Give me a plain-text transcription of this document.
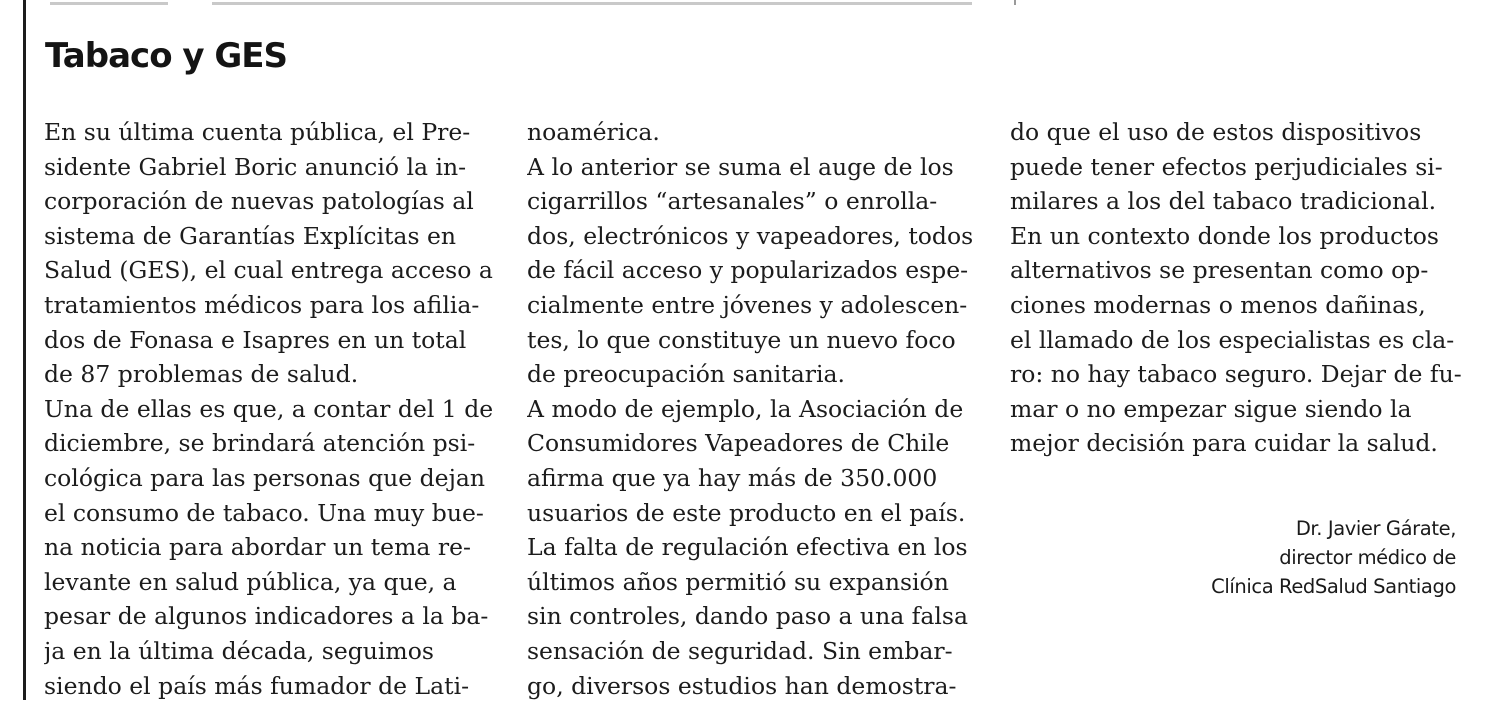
Tabaco y GES
En su última cuenta pública, el Pre-
sidente Gabriel Boric anunció la in-
corporación de nuevas patologías al
sistema de Garantías Explícitas en
Salud (GES), el cual entrega acceso a
tratamientos médicos para los afilia-
dos de Fonasa e Isapres en un total
de 87 problemas de salud.
Una de ellas es que, a contar del 1 de
diciembre, se brindará atención psi-
cológica para las personas que dejan
el consumo de tabaco. Una muy bue-
na noticia para abordar un tema re-
levante en salud pública, ya que, a
pesar de algunos indicadores a la ba-
ja en la última década, seguimos
siendo el país más fumador de Lati-
noamérica.
A lo anterior se suma el auge de los
cigarrillos “artesanales” o enrolla-
dos, electrónicos y vapeadores, todos
de fácil acceso y popularizados espe-
cialmente entre jóvenes y adolescen-
tes, lo que constituye un nuevo foco
de preocupación sanitaria.
A modo de ejemplo, la Asociación de
Consumidores Vapeadores de Chile
afirma que ya hay más de 350.000
usuarios de este producto en el país.
La falta de regulación efectiva en los
últimos años permitió su expansión
sin controles, dando paso a una falsa
sensación de seguridad. Sin embar-
go, diversos estudios han demostra-
do que el uso de estos dispositivos
puede tener efectos perjudiciales si-
milares a los del tabaco tradicional.
En un contexto donde los productos
alternativos se presentan como op-
ciones modernas o menos dañinas,
el llamado de los especialistas es cla-
ro: no hay tabaco seguro. Dejar de fu-
mar o no empezar sigue siendo la
mejor decisión para cuidar la salud.
Dr. Javier Gárate,
director médico de
Clínica RedSalud Santiago
